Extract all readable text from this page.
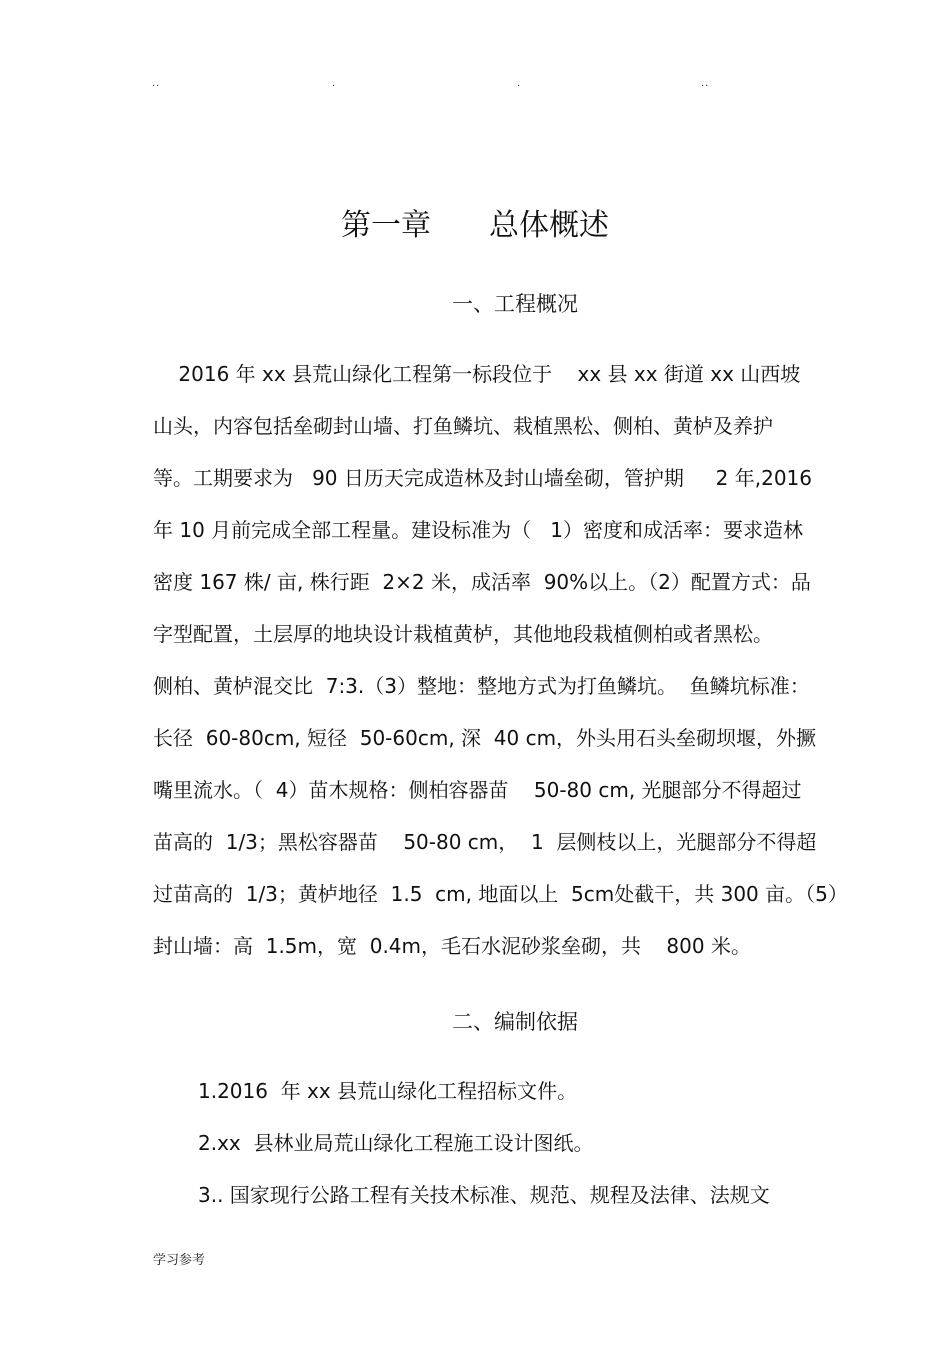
..	.	.	..
第一章 总体概述
一、工程概况
2016 年 xx 县荒山绿化工程第一标段位于    xx 县 xx 街道 xx 山西坡
山头，内容包括垒砌封山墙、打鱼鳞坑、栽植黑松、侧柏、黄栌及养护
等。工期要求为   90 日历天完成造林及封山墙垒砌，管护期     2 年,2016
年 10 月前完成全部工程量。建设标准为（   1）密度和成活率：要求造林
密度 167 株/ 亩, 株行距  2×2 米，成活率  90%以上。（2）配置方式：品
字型配置，土层厚的地块设计栽植黄栌，其他地段栽植侧柏或者黑松。
侧柏、黄栌混交比  7:3.（3）整地：整地方式为打鱼鳞坑。  鱼鳞坑标准：
长径  60-80cm, 短径  50-60cm, 深  40 cm，外头用石头垒砌坝堰，外撅
嘴里流水。（  4）苗木规格：侧柏容器苗    50-80 cm, 光腿部分不得超过
苗高的  1/3；黑松容器苗    50-80 cm，  1  层侧枝以上，光腿部分不得超
过苗高的  1/3；黄栌地径  1.5  cm, 地面以上  5cm处截干，共 300 亩。（5）
封山墙：高  1.5m，宽  0.4m，毛石水泥砂浆垒砌，共    800 米。
二、编制依据
1.2016  年 xx 县荒山绿化工程招标文件。
2.xx  县林业局荒山绿化工程施工设计图纸。
3.. 国家现行公路工程有关技术标准、规范、规程及法律、法规文
学习参考
